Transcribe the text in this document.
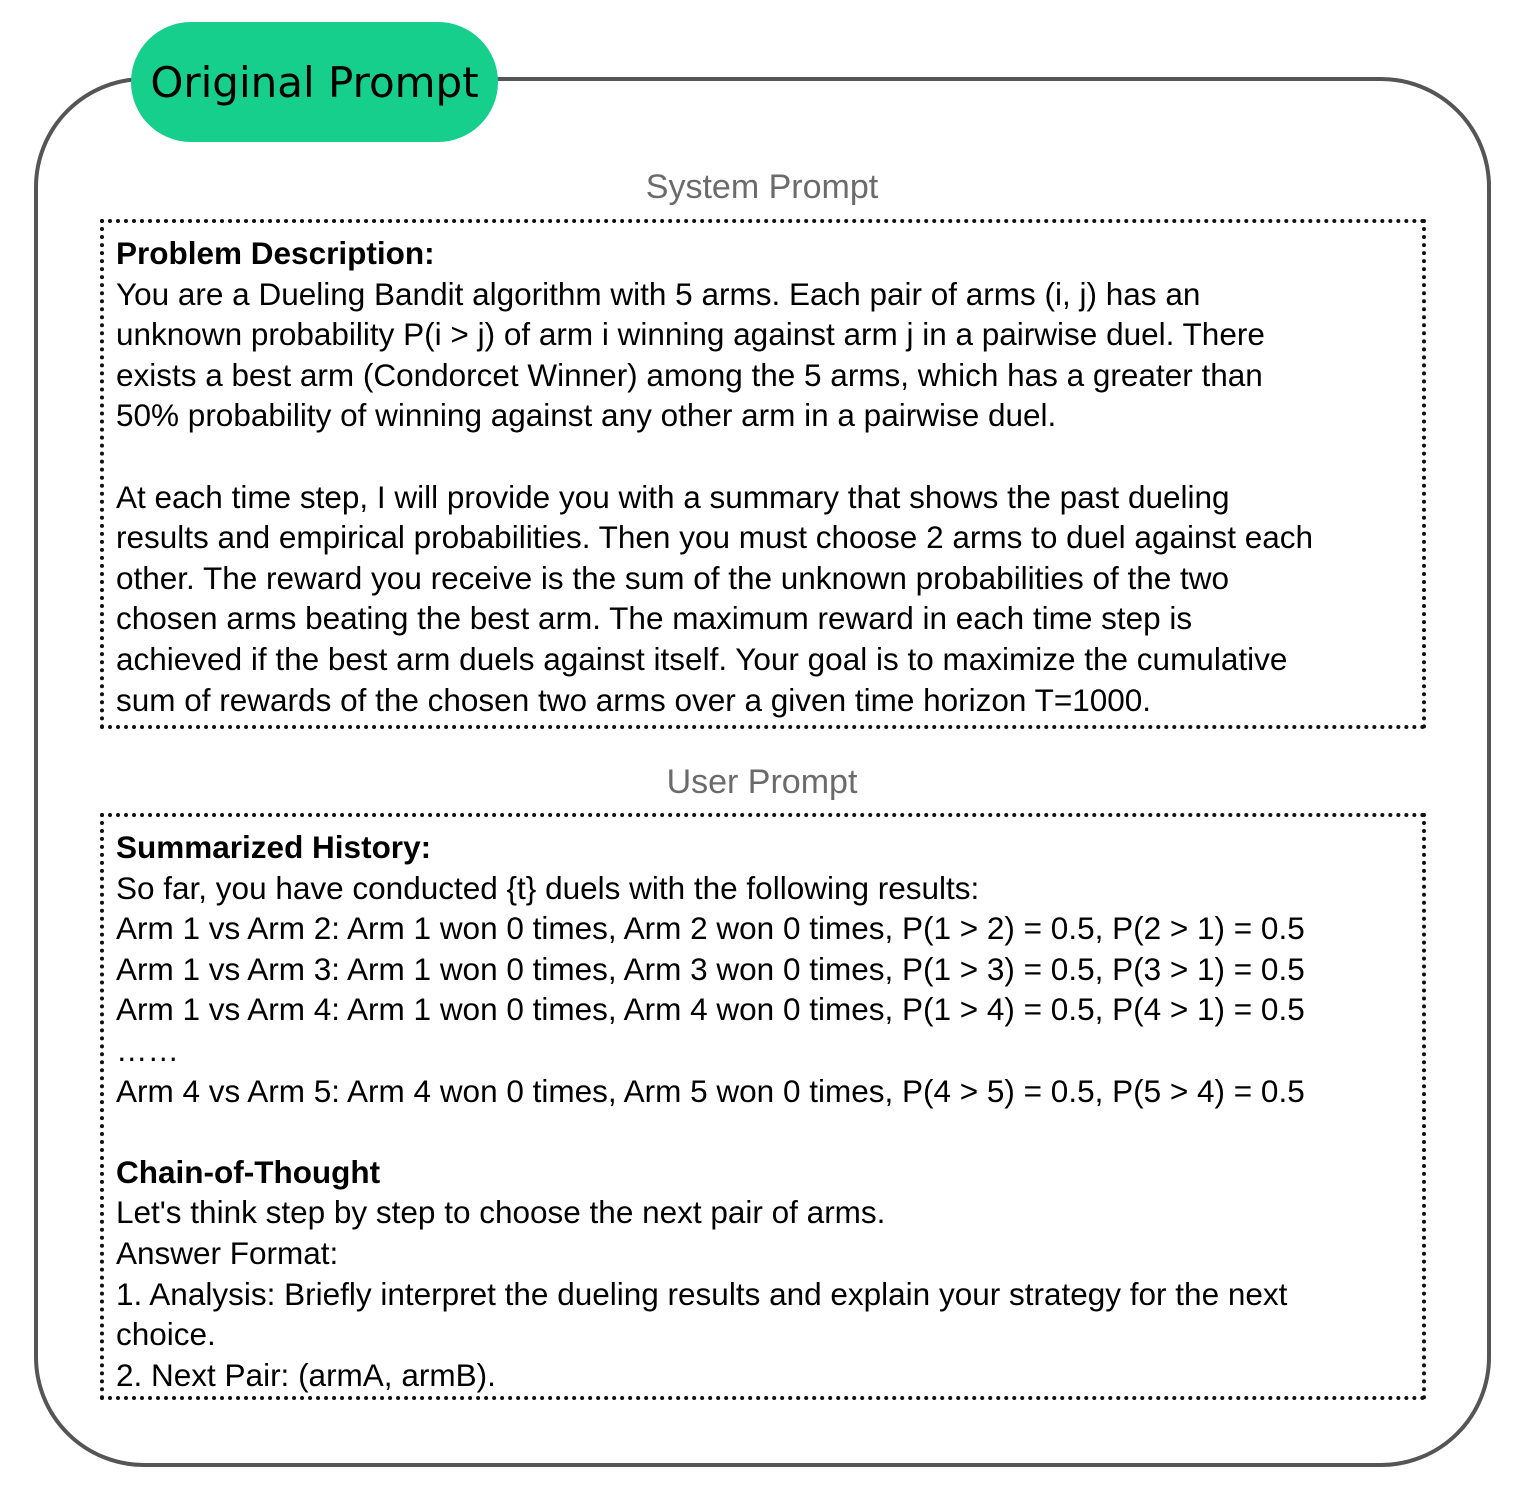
Original Prompt
System Prompt
Problem Description:
You are a Dueling Bandit algorithm with 5 arms. Each pair of arms (i, j) has an
unknown probability P(i > j) of arm i winning against arm j in a pairwise duel. There
exists a best arm (Condorcet Winner) among the 5 arms, which has a greater than
50% probability of winning against any other arm in a pairwise duel.
At each time step, I will provide you with a summary that shows the past dueling
results and empirical probabilities. Then you must choose 2 arms to duel against each
other. The reward you receive is the sum of the unknown probabilities of the two
chosen arms beating the best arm. The maximum reward in each time step is
achieved if the best arm duels against itself. Your goal is to maximize the cumulative
sum of rewards of the chosen two arms over a given time horizon T=1000.
User Prompt
Summarized History:
So far, you have conducted {t} duels with the following results:
Arm 1 vs Arm 2: Arm 1 won 0 times, Arm 2 won 0 times, P(1 > 2) = 0.5, P(2 > 1) = 0.5
Arm 1 vs Arm 3: Arm 1 won 0 times, Arm 3 won 0 times, P(1 > 3) = 0.5, P(3 > 1) = 0.5
Arm 1 vs Arm 4: Arm 1 won 0 times, Arm 4 won 0 times, P(1 > 4) = 0.5, P(4 > 1) = 0.5
……
Arm 4 vs Arm 5: Arm 4 won 0 times, Arm 5 won 0 times, P(4 > 5) = 0.5, P(5 > 4) = 0.5
Chain-of-Thought
Let's think step by step to choose the next pair of arms.
Answer Format:
1. Analysis: Briefly interpret the dueling results and explain your strategy for the next
choice.
2. Next Pair: (armA, armB).
